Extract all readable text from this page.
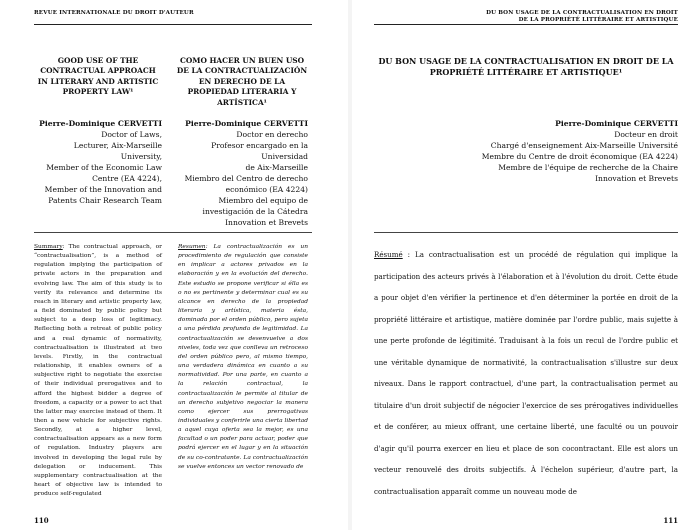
REVUE INTERNATIONALE DU DROIT D'AUTEUR
GOOD USE OF THE CONTRACTUAL APPROACH IN LITERARY AND ARTISTIC PROPERTY LAW¹
COMO HACER UN BUEN USO DE LA CONTRACTUALIZACIÓN EN DERECHO DE LA PROPIEDAD LITERARIA Y ARTÍSTICA¹
Pierre-Dominique CERVETTI
Doctor of Laws,
Lecturer, Aix-Marseille University,
Member of the Economic Law
Centre (EA 4224),
Member of the Innovation and
Patents Chair Research Team
Pierre-Dominique CERVETTI
Doctor en derecho
Profesor encargado en la
Universidad
de Aix-Marseille
Miembro del Centro de derecho
económico (EA 4224)
Miembro del equipo de
investigación de la Cátedra
Innovation et Brevets
Summary: The contractual approach, or “contractualisation”, is a method of regulation implying the participation of private actors in the preparation and evolving law. The aim of this study is to verify its relevance and determine its reach in literary and artistic property law, a field dominated by public policy but subject to a deep loss of legitimacy. Reflecting both a retreat of public policy and a real dynamic of normativity, contractualisation is illustrated at two levels. Firstly, in the contractual relationship, it enables owners of a subjective right to negotiate the exercise of their individual prerogatives and to afford the highest bidder a degree of freedom, a capacity or a power to act that the latter may exercise instead of them. It then a new vehicle for subjective rights. Secondly, at a higher level, contractualisation appears as a new form of regulation. Industry players are involved in developing the legal rule by delegation or inducement. This supplementary contractualisation at the heart of objective law is intended to produce self-regulated
Resumen: La contractualización es un procedimiento de regulación que consiste en implicar a actores privados en la elaboración y en la evolución del derecho. Este estudio se propone verificar si élla es o no es pertinente y determinar cual es su alcance en derecho de la propiedad literaria y artística, materia ésta, dominada por el orden público, pero sujeta a una pérdida profunda de legitimidad. La contractualización se desenvuelve a dos niveles, toda vez que conlleva un retroceso del orden público pero, al mismo tiempo, una verdadera dinámica en cuanto a su normatividad. Por una parte, en cuanto a la relación contractual, la contractualización le permite al titular de un derecho subjetivo negociar la manera como ejercer sus prerrogativas individuales y conferirle una cierta libertad a aquel cuya oferta sea la mejor, es una facultad o un poder para actuar, poder que podrá ejercer en el lugar y en la situación de su co-contratante. La contractualización se vuelve entonces un vector renovado de
110
DU BON USAGE DE LA CONTRACTUALISATION EN DROIT
DE LA PROPRIÉTÉ LITTÉRAIRE ET ARTISTIQUE
DU BON USAGE DE LA CONTRACTUALISATION EN DROIT DE LA PROPRIÉTÉ LITTÉRAIRE ET ARTISTIQUE¹
Pierre-Dominique CERVETTI
Docteur en droit
Chargé d'enseignement Aix-Marseille Université
Membre du Centre de droit économique (EA 4224)
Membre de l'équipe de recherche de la Chaire
Innovation et Brevets
Résumé : La contractualisation est un procédé de régulation qui implique la participation des acteurs privés à l'élaboration et à l'évolution du droit. Cette étude a pour objet d'en vérifier la pertinence et d'en déterminer la portée en droit de la propriété littéraire et artistique, matière dominée par l'ordre public, mais sujette à une perte profonde de légitimité. Traduisant à la fois un recul de l'ordre public et une véritable dynamique de normativité, la contractualisation s'illustre sur deux niveaux. Dans le rapport contractuel, d'une part, la contractualisation permet au titulaire d'un droit subjectif de négocier l'exercice de ses prérogatives individuelles et de conférer, au mieux offrant, une certaine liberté, une faculté ou un pouvoir d'agir qu'il pourra exercer en lieu et place de son cocontractant. Elle est alors un vecteur renouvelé des droits subjectifs. À l'échelon supérieur, d'autre part, la contractualisation apparaît comme un nouveau mode de
111
